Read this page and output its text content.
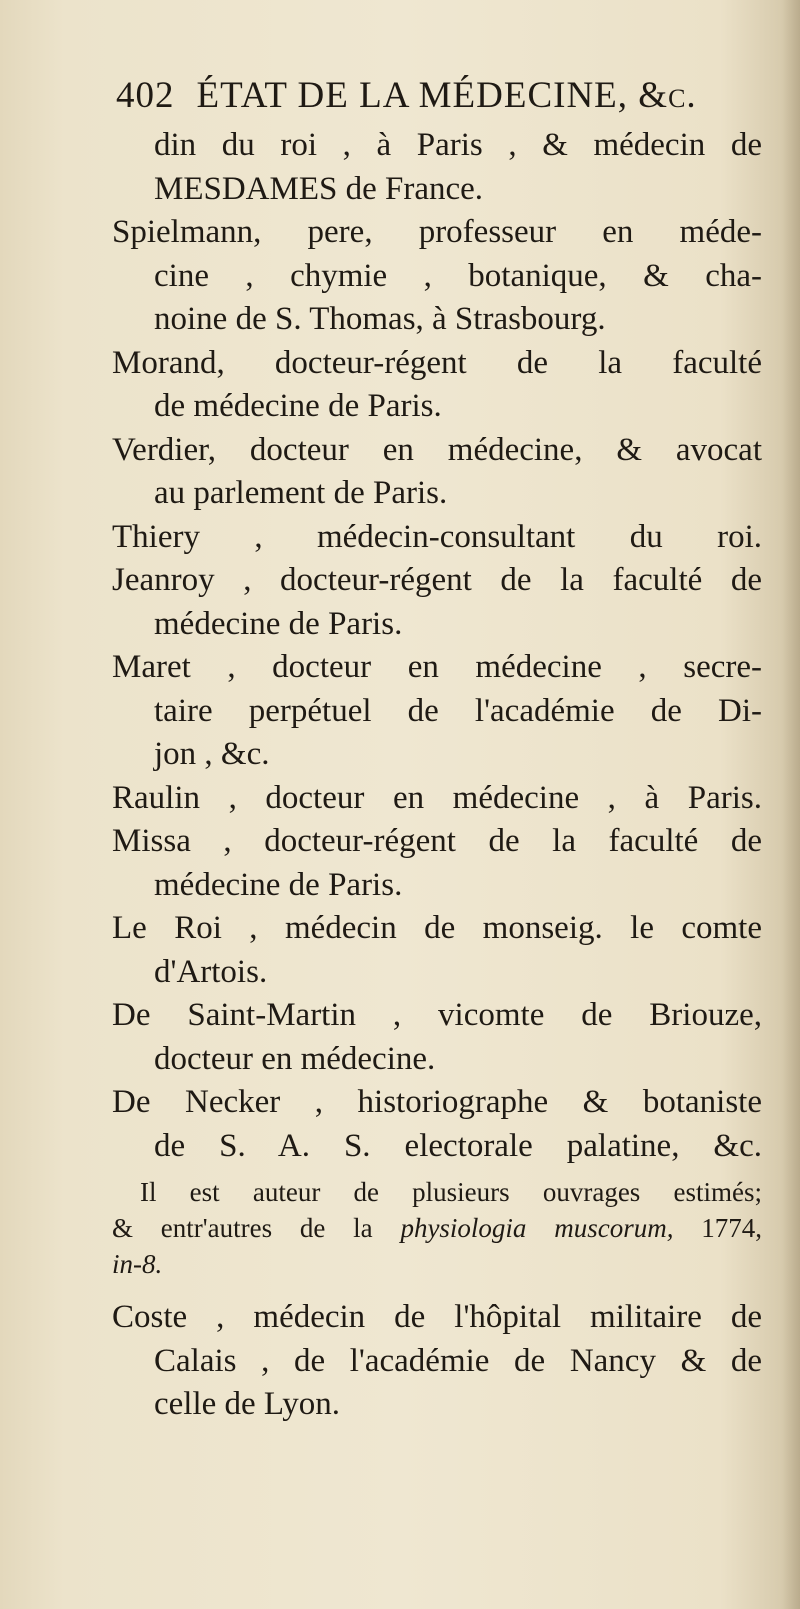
402 ÉTAT DE LA MÉDECINE, &c.
din du roi , à Paris , & médecin de
MESDAMES de France.
Spielmann, pere, professeur en méde-
cine , chymie , botanique, & cha-
noine de S. Thomas, à Strasbourg.
Morand, docteur-régent de la faculté
de médecine de Paris.
Verdier, docteur en médecine, & avocat
au parlement de Paris.
Thiery , médecin-consultant du roi.
Jeanroy , docteur-régent de la faculté de
médecine de Paris.
Maret , docteur en médecine , secre-
taire perpétuel de l'académie de Di-
jon , &c.
Raulin , docteur en médecine , à Paris.
Missa , docteur-régent de la faculté de
médecine de Paris.
Le Roi , médecin de monseig. le comte
d'Artois.
De Saint-Martin , vicomte de Briouze,
docteur en médecine.
De Necker , historiographe & botaniste
de S. A. S. electorale palatine, &c.
Il est auteur de plusieurs ouvrages estimés;
& entr'autres de la physiologia muscorum, 1774,
in-8.
Coste , médecin de l'hôpital militaire de
Calais , de l'académie de Nancy & de
celle de Lyon.
